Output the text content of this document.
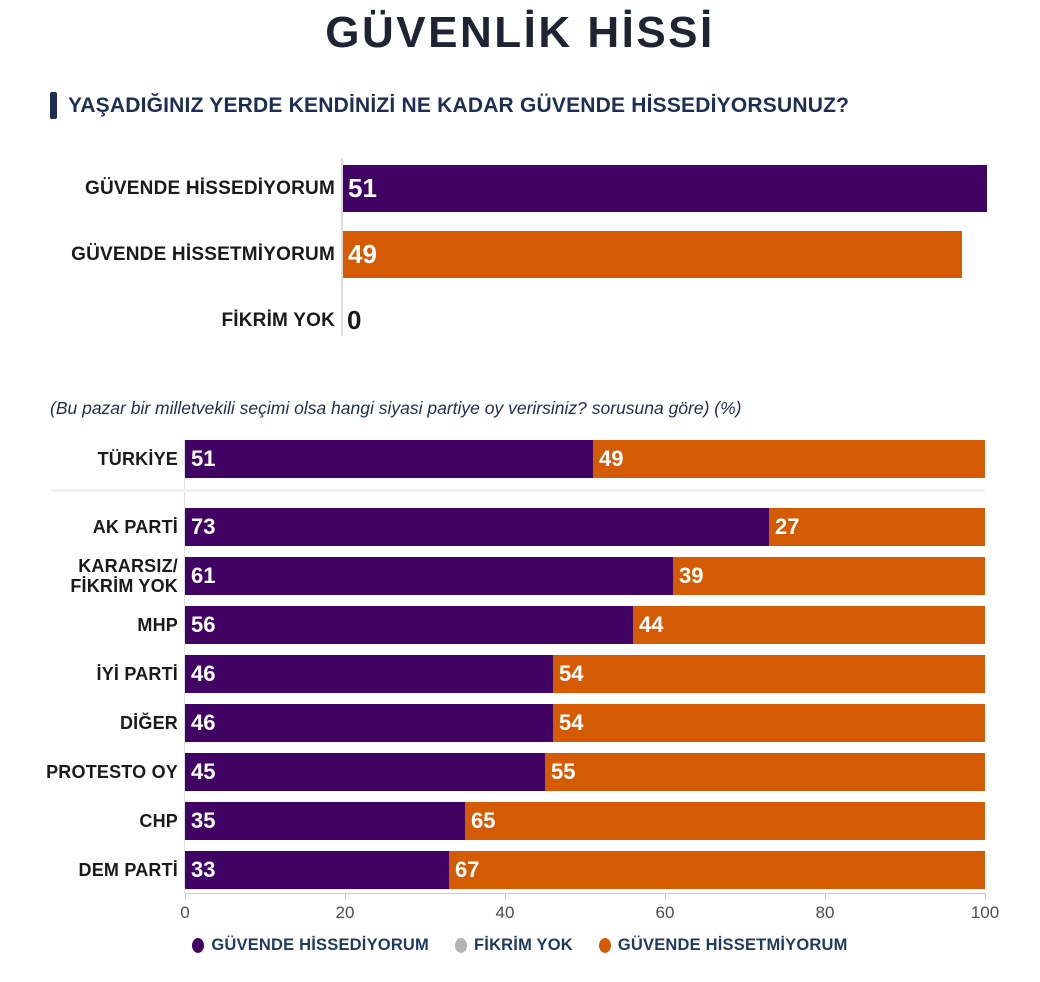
GÜVENLİK HİSSİ
YAŞADIĞINIZ YERDE KENDİNİZİ NE KADAR GÜVENDE HİSSEDİYORSUNUZ?
GÜVENDE HİSSEDİYORUM 51
GÜVENDE HİSSETMİYORUM 49
FİKRİM YOK 0
(Bu pazar bir milletvekili seçimi olsa hangi siyasi partiye oy verirsiniz? sorusuna göre) (%)
TÜRKİYE 51	49
AK PARTİ 73	27
KARARSIZ/
FİKRİM YOK 61	39
MHP 56	44
İYİ PARTİ 46	54
DİĞER 46	54
PROTESTO OY 45	55
CHP 35	65
DEM PARTİ 33	67
0	20	40	60	80	100
GÜVENDE HİSSEDİYORUM	FİKRİM YOK	GÜVENDE HİSSETMİYORUM
